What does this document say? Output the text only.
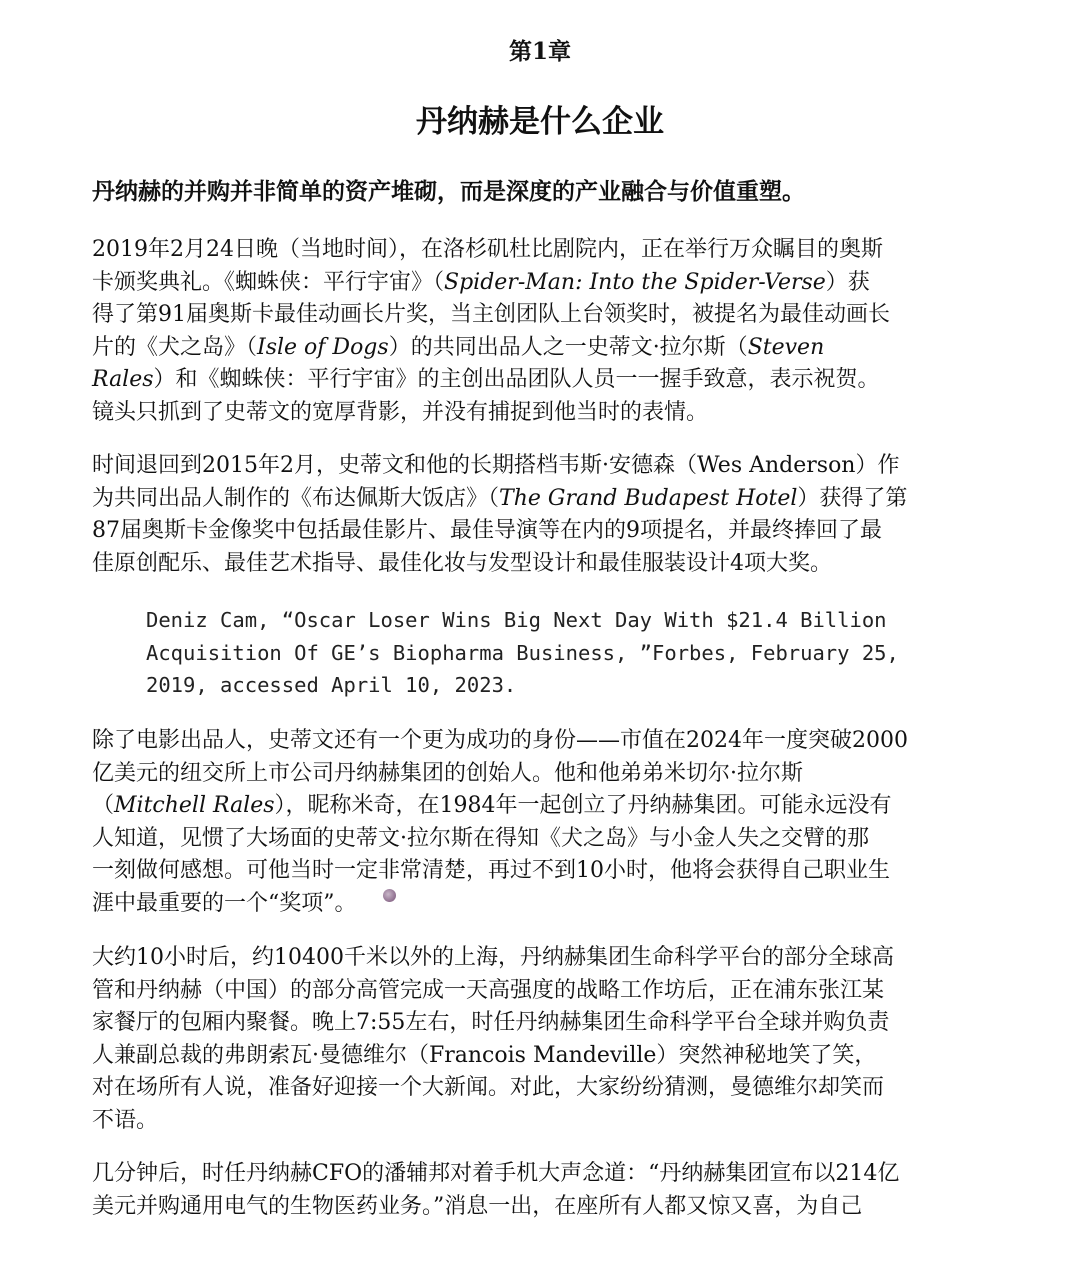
第1章
丹纳赫是什么企业
丹纳赫的并购并非简单的资产堆砌，而是深度的产业融合与价值重塑。
2019年2月24日晚（当地时间），在洛杉矶杜比剧院内，正在举行万众瞩目的奥斯
卡颁奖典礼。《蜘蛛侠：平行宇宙》（Spider-Man: Into the Spider-Verse）获
得了第91届奥斯卡最佳动画长片奖，当主创团队上台领奖时，被提名为最佳动画长
片的《犬之岛》（Isle of Dogs）的共同出品人之一史蒂文·拉尔斯（Steven
Rales）和《蜘蛛侠：平行宇宙》的主创出品团队人员一一握手致意，表示祝贺。
镜头只抓到了史蒂文的宽厚背影，并没有捕捉到他当时的表情。
时间退回到2015年2月，史蒂文和他的长期搭档韦斯·安德森（Wes Anderson）作
为共同出品人制作的《布达佩斯大饭店》（The Grand Budapest Hotel）获得了第
87届奥斯卡金像奖中包括最佳影片、最佳导演等在内的9项提名，并最终捧回了最
佳原创配乐、最佳艺术指导、最佳化妆与发型设计和最佳服装设计4项大奖。
Deniz Cam, “Oscar Loser Wins Big Next Day With $21.4 Billion
Acquisition Of GE’s Biopharma Business, ”Forbes, February 25,
2019, accessed April 10, 2023.
除了电影出品人，史蒂文还有一个更为成功的身份——市值在2024年一度突破2000
亿美元的纽交所上市公司丹纳赫集团的创始人。他和他弟弟米切尔·拉尔斯
（Mitchell Rales），昵称米奇，在1984年一起创立了丹纳赫集团。可能永远没有
人知道，见惯了大场面的史蒂文·拉尔斯在得知《犬之岛》与小金人失之交臂的那
一刻做何感想。可他当时一定非常清楚，再过不到10小时，他将会获得自己职业生
涯中最重要的一个“奖项”。
大约10小时后，约10400千米以外的上海，丹纳赫集团生命科学平台的部分全球高
管和丹纳赫（中国）的部分高管完成一天高强度的战略工作坊后，正在浦东张江某
家餐厅的包厢内聚餐。晚上7:55左右，时任丹纳赫集团生命科学平台全球并购负责
人兼副总裁的弗朗索瓦·曼德维尔（Francois Mandeville）突然神秘地笑了笑，
对在场所有人说，准备好迎接一个大新闻。对此，大家纷纷猜测，曼德维尔却笑而
不语。
几分钟后，时任丹纳赫CFO的潘辅邦对着手机大声念道：“丹纳赫集团宣布以214亿
美元并购通用电气的生物医药业务。”消息一出，在座所有人都又惊又喜，为自己
